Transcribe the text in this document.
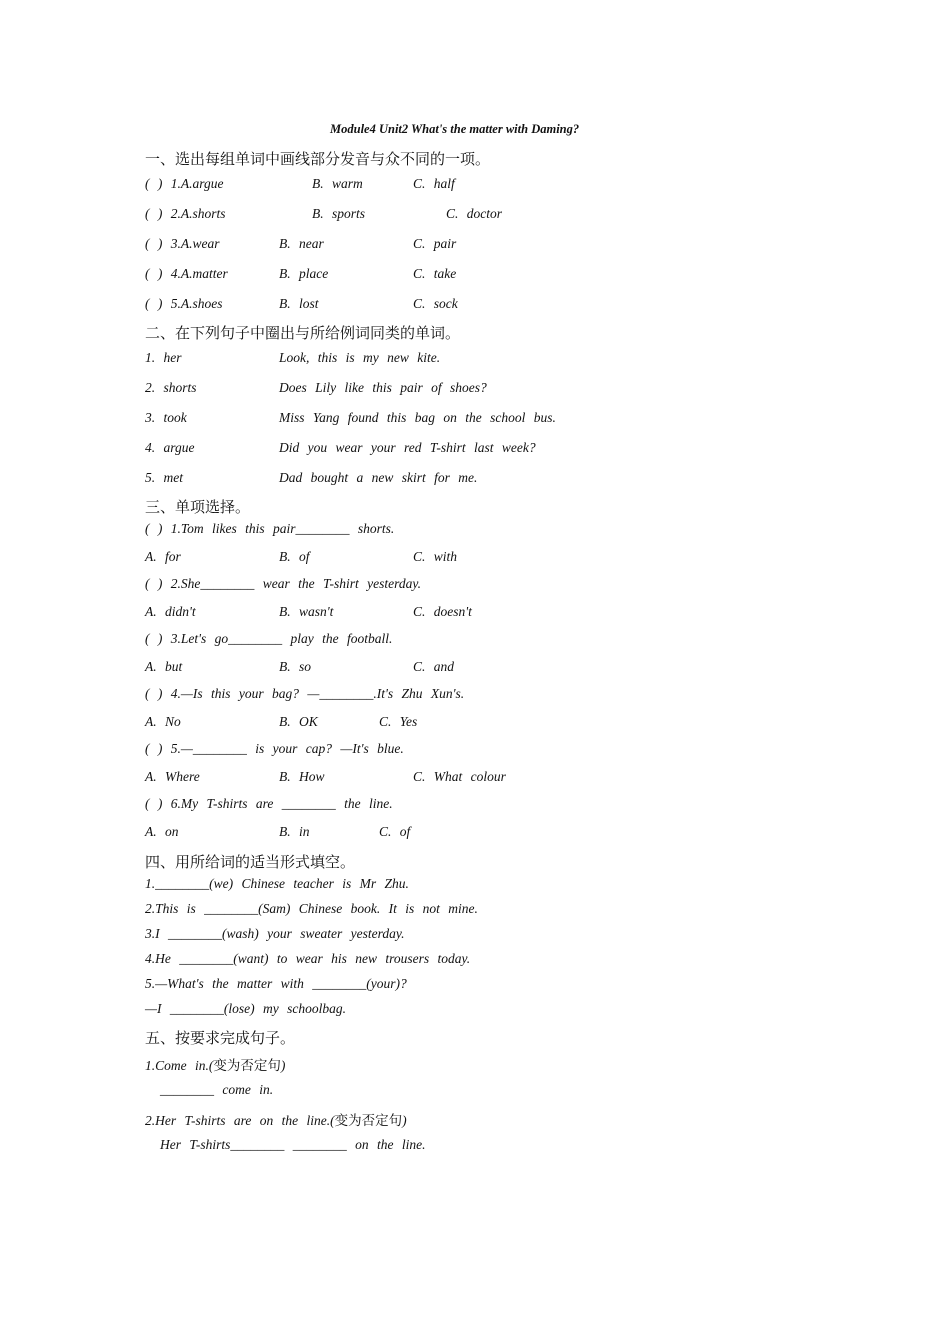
Module4 Unit2 What's the matter with Daming?
一、选出每组单词中画线部分发音与众不同的一项。
( ) 1.A.argue	B. warm	C. half
( ) 2.A.shorts	B. sports	C. doctor
( ) 3.A.wear	B. near	C. pair
( ) 4.A.matter	B. place	C. take
( ) 5.A.shoes	B. lost	C. sock
二、在下列句子中圈出与所给例词同类的单词。
1. her	Look, this is my new kite.
2. shorts	Does Lily like this pair of shoes?
3. took	Miss Yang found this bag on the school bus.
4. argue	Did you wear your red T-shirt last week?
5. met	Dad bought a new skirt for me.
三、单项选择。
( ) 1.Tom likes this pair________ shorts.
A. for	B. of	C. with
( ) 2.She________ wear the T-shirt yesterday.
A. didn't	B. wasn't	C. doesn't
( ) 3.Let's go________ play the football.
A. but	B. so	C. and
( ) 4.—Is this your bag? —________.It's Zhu Xun's.
A. No	B. OK	C. Yes
( ) 5.—________ is your cap? —It's blue.
A. Where	B. How	C. What colour
( ) 6.My T-shirts are ________ the line.
A. on	B. in	C. of
四、用所给词的适当形式填空。
1.________(we) Chinese teacher is Mr Zhu.
2.This is ________(Sam) Chinese book. It is not mine.
3.I ________(wash) your sweater yesterday.
4.He ________(want) to wear his new trousers today.
5.—What's the matter with ________(your)?
—I ________(lose) my schoolbag.
五、按要求完成句子。
1.Come in.(变为否定句)
________ come in.
2.Her T-shirts are on the line.(变为否定句)
Her T-shirts________ ________ on the line.
